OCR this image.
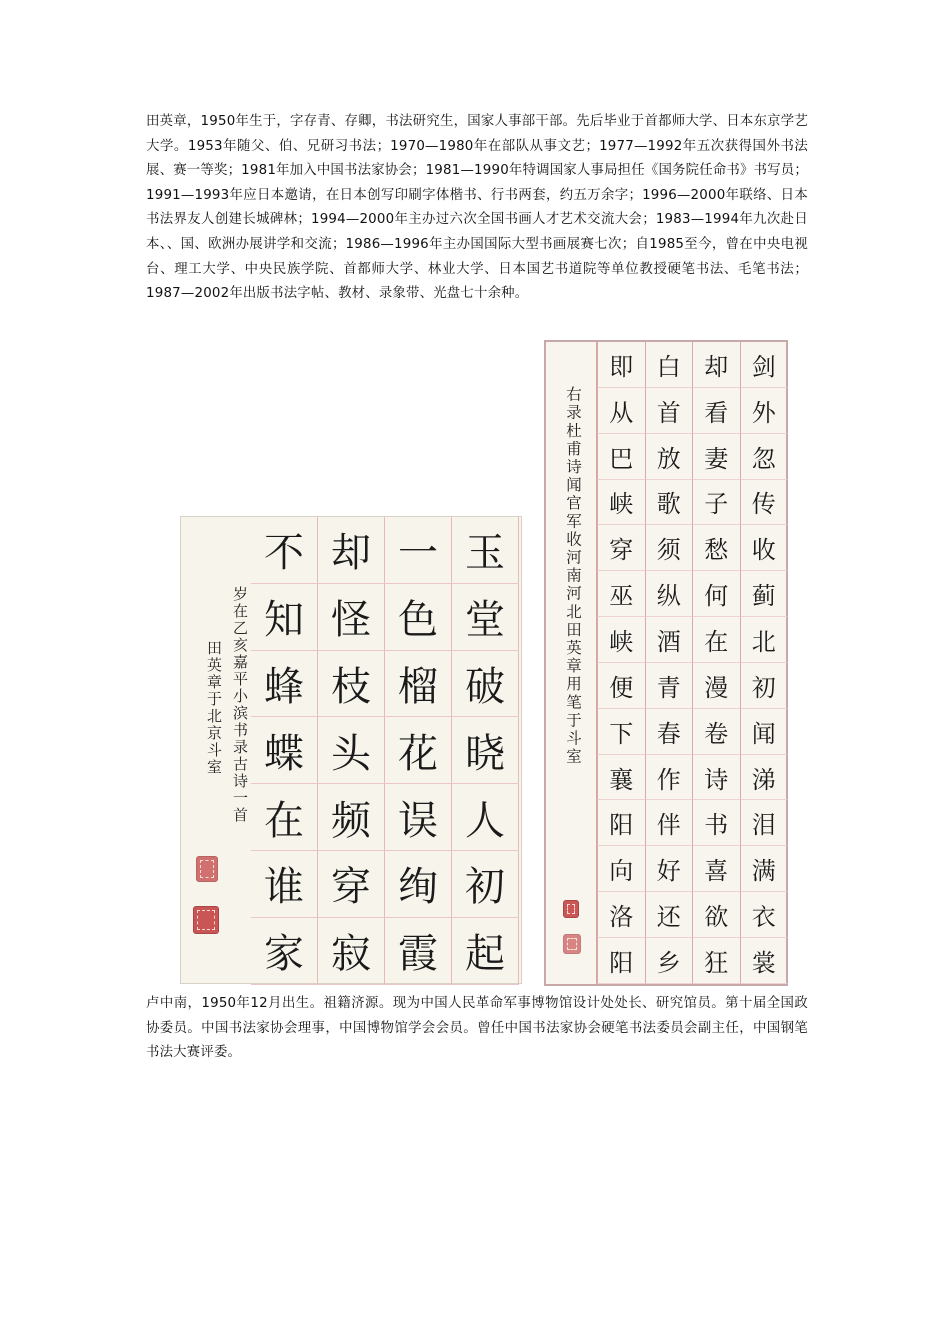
田英章，1950年生于，字存青、存卿，书法研究生，国家人事部干部。先后毕业于首都师大学、日本东京学艺大学。1953年随父、伯、兄研习书法；1970—1980年在部队从事文艺；1977—1992年五次获得国外书法展、赛一等奖；1981年加入中国书法家协会；1981—1990年特调国家人事局担任《国务院任命书》书写员；1991—1993年应日本邀请，在日本创写印刷字体楷书、行书两套，约五万余字；1996—2000年联络、日本书法界友人创建长城碑林；1994—2000年主办过六次全国书画人才艺术交流大会；1983—1994年九次赴日本、、国、欧洲办展讲学和交流；1986—1996年主办国国际大型书画展赛七次；自1985至今，曾在中央电视台、理工大学、中央民族学院、首都师大学、林业大学、日本国艺书道院等单位教授硬笔书法、毛笔书法；1987—2002年出版书法字帖、教材、录象带、光盘七十余种。

不
知
蜂
蝶
在
谁
家
却
怪
枝
头
频
穿
寂
一
色
榴
花
误
绚
霞
玉
堂
破
晓
人
初
起
岁在乙亥嘉平小滨书录古诗一首
田英章于北京斗室
即
从
巴
峡
穿
巫
峡
便
下
襄
阳
向
洛
阳
白
首
放
歌
须
纵
酒
青
春
作
伴
好
还
乡
却
看
妻
子
愁
何
在
漫
卷
诗
书
喜
欲
狂
剑
外
忽
传
收
蓟
北
初
闻
涕
泪
满
衣
裳
右录杜甫诗闻官军收河南河北田英章用笔于斗室

卢中南，1950年12月出生。祖籍济源。现为中国人民革命军事博物馆设计处处长、研究馆员。第十届全国政协委员。中国书法家协会理事，中国博物馆学会会员。曾任中国书法家协会硬笔书法委员会副主任，中国钢笔书法大赛评委。
